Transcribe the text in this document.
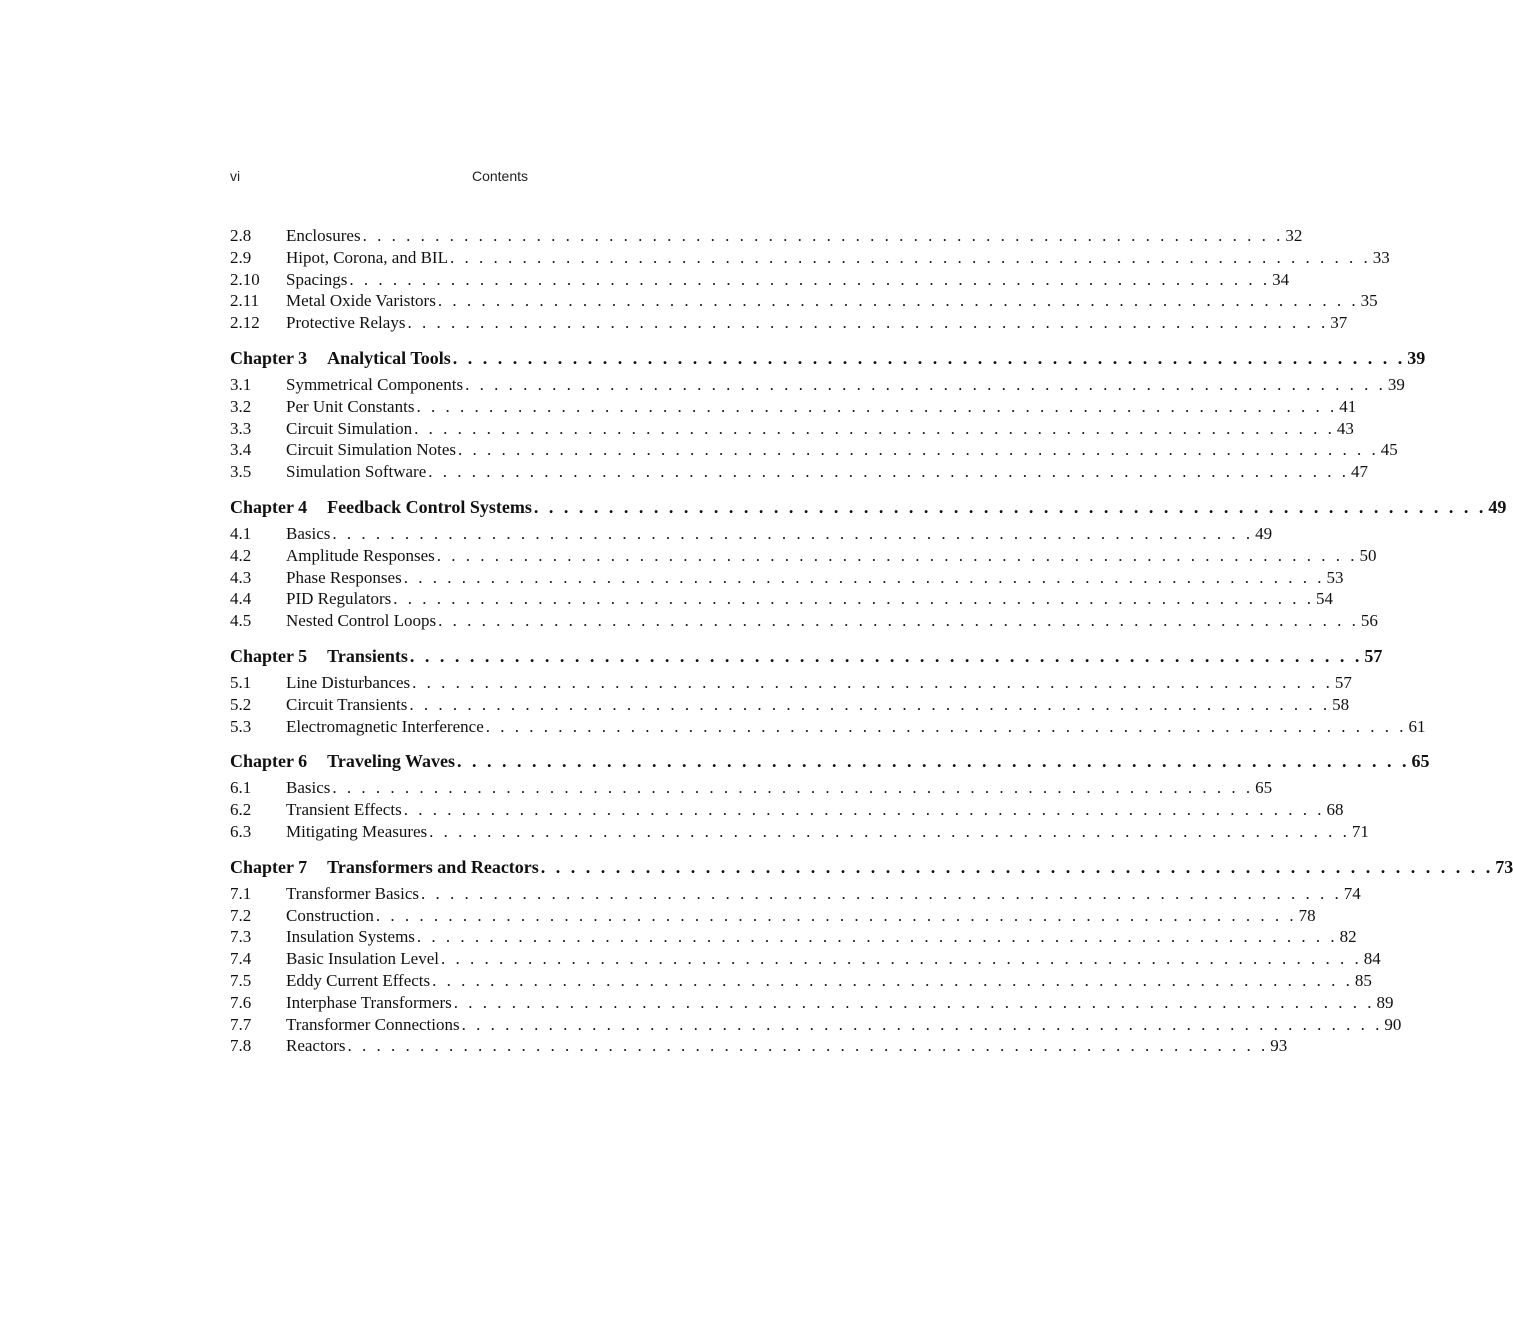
vi	Contents
2.8	Enclosures . . . . . . . . . . . . . . . . . . . . . . . . . . . . . . . . . . . . . . . . . . . . . . . . . . . . . . . . . . . . . . . . 32
2.9	Hipot, Corona, and BIL . . . . . . . . . . . . . . . . . . . . . . . . . . . . . . . . . . . . . . . . . . . . . . . . . . . . . . . . . . . . . . . . 33
2.10	Spacings . . . . . . . . . . . . . . . . . . . . . . . . . . . . . . . . . . . . . . . . . . . . . . . . . . . . . . . . . . . . . . . . 34
2.11	Metal Oxide Varistors . . . . . . . . . . . . . . . . . . . . . . . . . . . . . . . . . . . . . . . . . . . . . . . . . . . . . . . . . . . . . . . . 35
2.12	Protective Relays . . . . . . . . . . . . . . . . . . . . . . . . . . . . . . . . . . . . . . . . . . . . . . . . . . . . . . . . . . . . . . . . 37
Chapter 3 Analytical Tools . . . . . . . . . . . . . . . . . . . . . . . . . . . . . . . . . . . . . . . . . . . . . . . . . . . . . . . . . . . . . . . . 39
3.1	Symmetrical Components . . . . . . . . . . . . . . . . . . . . . . . . . . . . . . . . . . . . . . . . . . . . . . . . . . . . . . . . . . . . . . . . 39
3.2	Per Unit Constants . . . . . . . . . . . . . . . . . . . . . . . . . . . . . . . . . . . . . . . . . . . . . . . . . . . . . . . . . . . . . . . . 41
3.3	Circuit Simulation . . . . . . . . . . . . . . . . . . . . . . . . . . . . . . . . . . . . . . . . . . . . . . . . . . . . . . . . . . . . . . . . 43
3.4	Circuit Simulation Notes . . . . . . . . . . . . . . . . . . . . . . . . . . . . . . . . . . . . . . . . . . . . . . . . . . . . . . . . . . . . . . . . 45
3.5	Simulation Software . . . . . . . . . . . . . . . . . . . . . . . . . . . . . . . . . . . . . . . . . . . . . . . . . . . . . . . . . . . . . . . . 47
Chapter 4 Feedback Control Systems . . . . . . . . . . . . . . . . . . . . . . . . . . . . . . . . . . . . . . . . . . . . . . . . . . . . . . . . . . . . . . . . 49
4.1	Basics . . . . . . . . . . . . . . . . . . . . . . . . . . . . . . . . . . . . . . . . . . . . . . . . . . . . . . . . . . . . . . . . 49
4.2	Amplitude Responses . . . . . . . . . . . . . . . . . . . . . . . . . . . . . . . . . . . . . . . . . . . . . . . . . . . . . . . . . . . . . . . . 50
4.3	Phase Responses . . . . . . . . . . . . . . . . . . . . . . . . . . . . . . . . . . . . . . . . . . . . . . . . . . . . . . . . . . . . . . . . 53
4.4	PID Regulators . . . . . . . . . . . . . . . . . . . . . . . . . . . . . . . . . . . . . . . . . . . . . . . . . . . . . . . . . . . . . . . . 54
4.5	Nested Control Loops . . . . . . . . . . . . . . . . . . . . . . . . . . . . . . . . . . . . . . . . . . . . . . . . . . . . . . . . . . . . . . . . 56
Chapter 5 Transients . . . . . . . . . . . . . . . . . . . . . . . . . . . . . . . . . . . . . . . . . . . . . . . . . . . . . . . . . . . . . . . . 57
5.1	Line Disturbances . . . . . . . . . . . . . . . . . . . . . . . . . . . . . . . . . . . . . . . . . . . . . . . . . . . . . . . . . . . . . . . . 57
5.2	Circuit Transients . . . . . . . . . . . . . . . . . . . . . . . . . . . . . . . . . . . . . . . . . . . . . . . . . . . . . . . . . . . . . . . . 58
5.3	Electromagnetic Interference . . . . . . . . . . . . . . . . . . . . . . . . . . . . . . . . . . . . . . . . . . . . . . . . . . . . . . . . . . . . . . . . 61
Chapter 6 Traveling Waves . . . . . . . . . . . . . . . . . . . . . . . . . . . . . . . . . . . . . . . . . . . . . . . . . . . . . . . . . . . . . . . . 65
6.1	Basics . . . . . . . . . . . . . . . . . . . . . . . . . . . . . . . . . . . . . . . . . . . . . . . . . . . . . . . . . . . . . . . . 65
6.2	Transient Effects . . . . . . . . . . . . . . . . . . . . . . . . . . . . . . . . . . . . . . . . . . . . . . . . . . . . . . . . . . . . . . . . 68
6.3	Mitigating Measures . . . . . . . . . . . . . . . . . . . . . . . . . . . . . . . . . . . . . . . . . . . . . . . . . . . . . . . . . . . . . . . . 71
Chapter 7 Transformers and Reactors . . . . . . . . . . . . . . . . . . . . . . . . . . . . . . . . . . . . . . . . . . . . . . . . . . . . . . . . . . . . . . . . 73
7.1	Transformer Basics . . . . . . . . . . . . . . . . . . . . . . . . . . . . . . . . . . . . . . . . . . . . . . . . . . . . . . . . . . . . . . . . 74
7.2	Construction . . . . . . . . . . . . . . . . . . . . . . . . . . . . . . . . . . . . . . . . . . . . . . . . . . . . . . . . . . . . . . . . 78
7.3	Insulation Systems . . . . . . . . . . . . . . . . . . . . . . . . . . . . . . . . . . . . . . . . . . . . . . . . . . . . . . . . . . . . . . . . 82
7.4	Basic Insulation Level . . . . . . . . . . . . . . . . . . . . . . . . . . . . . . . . . . . . . . . . . . . . . . . . . . . . . . . . . . . . . . . . 84
7.5	Eddy Current Effects . . . . . . . . . . . . . . . . . . . . . . . . . . . . . . . . . . . . . . . . . . . . . . . . . . . . . . . . . . . . . . . . 85
7.6	Interphase Transformers . . . . . . . . . . . . . . . . . . . . . . . . . . . . . . . . . . . . . . . . . . . . . . . . . . . . . . . . . . . . . . . . 89
7.7	Transformer Connections . . . . . . . . . . . . . . . . . . . . . . . . . . . . . . . . . . . . . . . . . . . . . . . . . . . . . . . . . . . . . . . . 90
7.8	Reactors . . . . . . . . . . . . . . . . . . . . . . . . . . . . . . . . . . . . . . . . . . . . . . . . . . . . . . . . . . . . . . . . 93
